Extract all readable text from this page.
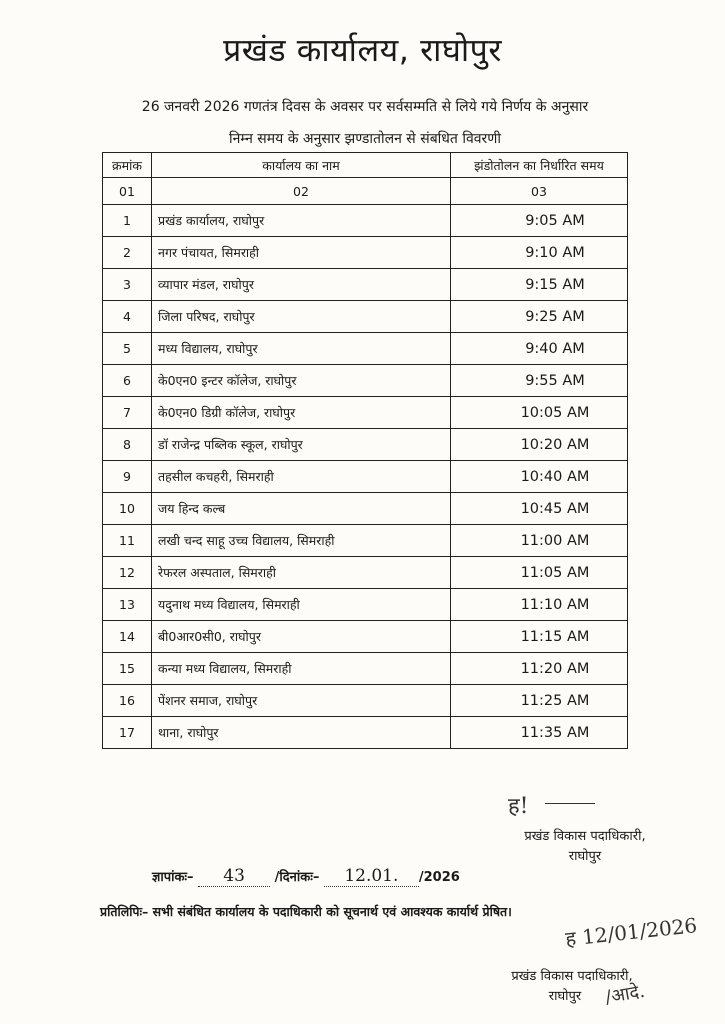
प्रखंड कार्यालय, राघोपुर
26 जनवरी 2026 गणतंत्र दिवस के अवसर पर सर्वसम्मति से लिये गये निर्णय के अनुसार
निम्न समय के अनुसार झण्डातोलन से संबधित विवरणी
क्रमांक	कार्यालय का नाम	झंडोतोलन का निर्धारित समय
01	02	03
1	प्रखंड कार्यालय, राघोपुर	9:05 AM
2	नगर पंचायत, सिमराही	9:10 AM
3	व्यापार मंडल, राघोपुर	9:15 AM
4	जिला परिषद, राघोपुर	9:25 AM
5	मध्य विद्यालय, राघोपुर	9:40 AM
6	के0एन0 इन्टर कॉलेज, राघोपुर	9:55 AM
7	के0एन0 डिग्री कॉलेज, राघोपुर	10:05 AM
8	डॉ राजेन्द्र पब्लिक स्कूल, राघोपुर	10:20 AM
9	तहसील कचहरी, सिमराही	10:40 AM
10	जय हिन्द कल्ब	10:45 AM
11	लखी चन्द साहू उच्च विद्यालय, सिमराही	11:00 AM
12	रेफरल अस्पताल, सिमराही	11:05 AM
13	यदुनाथ मध्य विद्यालय, सिमराही	11:10 AM
14	बी0आर0सी0, राघोपुर	11:15 AM
15	कन्या मध्य विद्यालय, सिमराही	11:20 AM
16	पेंशनर समाज, राघोपुर	11:25 AM
17	थाना, राघोपुर	11:35 AM
ह!
प्रखंड विकास पदाधिकारी,
राघोपुर
ज्ञापांकः– 43 /दिनांकः– 12.01. /2026
प्रतिलिपिः– सभी संबंधित कार्यालय के पदाधिकारी को सूचनार्थ एवं आवश्यक कार्यार्थ प्रेषित।
ह 12/01/2026
प्रखंड विकास पदाधिकारी,
राघोपुर	/आदे.
